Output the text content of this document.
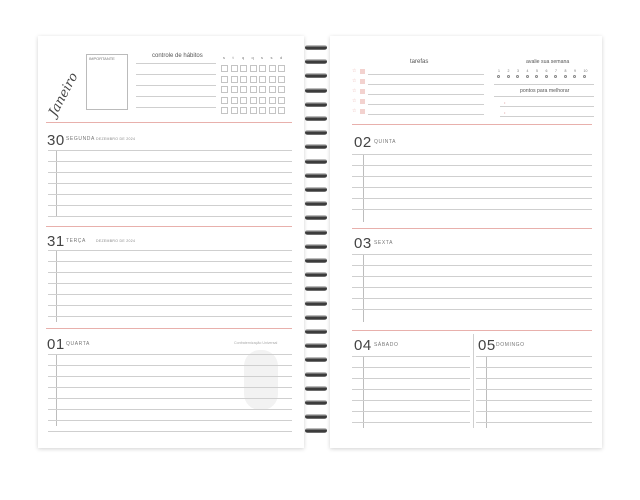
Janeiro
IMPORTANTE	controle de hábitos
30 SEGUNDA DEZEMBRO DE 2024
31 TERÇA	DEZEMBRO DE 2024
01 QUARTA	Confraternização Universal
s t q q s s d
tarefas	avalie sua semana
pontos para melhorar
•
•
02 QUINTA
03 SEXTA
04 SÁBADO	05 DOMINGO
☆
☆
☆
☆
☆
1 2 3 4 5 6 7 8 9 10
